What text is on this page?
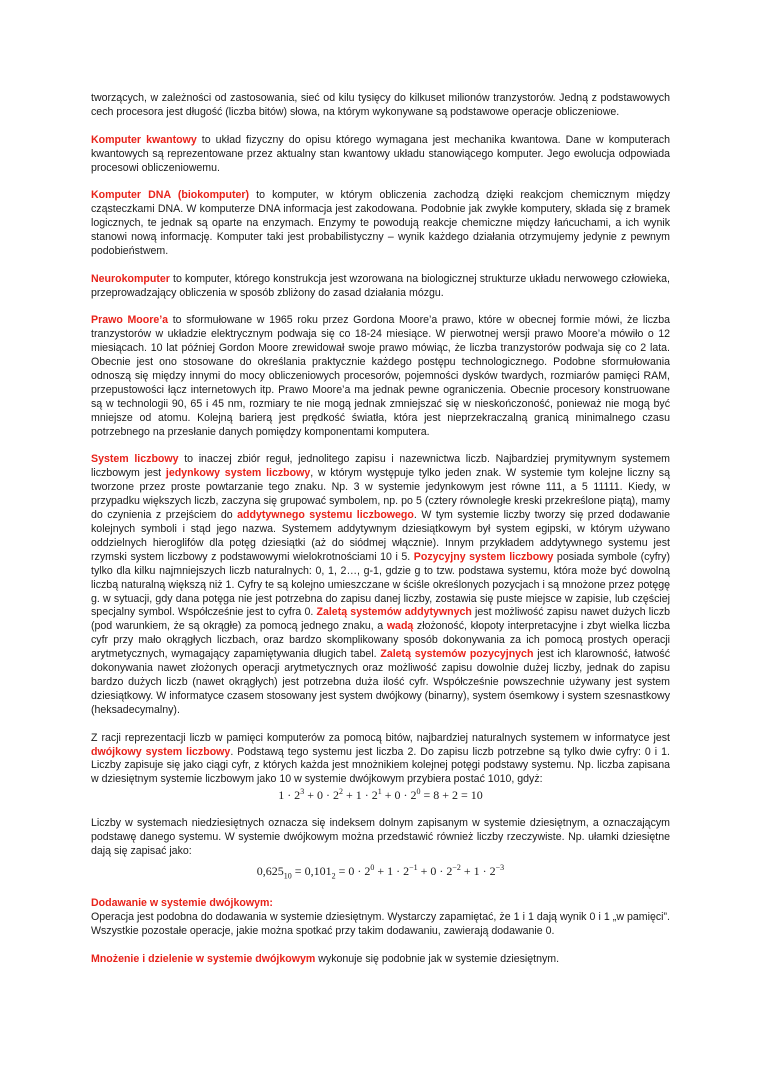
tworzących, w zależności od zastosowania, sieć od kilu tysięcy do kilkuset milionów tranzystorów. Jedną z podstawowych cech procesora jest długość (liczba bitów) słowa, na którym wykonywane są podstawowe operacje obliczeniowe.

Komputer kwantowy to układ fizyczny do opisu którego wymagana jest mechanika kwantowa. Dane w komputerach kwantowych są reprezentowane przez aktualny stan kwantowy układu stanowiącego komputer. Jego ewolucja odpowiada procesowi obliczeniowemu.

Komputer DNA (biokomputer) to komputer, w którym obliczenia zachodzą dzięki reakcjom chemicznym między cząsteczkami DNA. W komputerze DNA informacja jest zakodowana. Podobnie jak zwykłe komputery, składa się z bramek logicznych, te jednak są oparte na enzymach. Enzymy te powodują reakcje chemiczne między łańcuchami, a ich wynik stanowi nową informację. Komputer taki jest probabilistyczny – wynik każdego działania otrzymujemy jedynie z pewnym podobieństwem.

Neurokomputer to komputer, którego konstrukcja jest wzorowana na biologicznej strukturze układu nerwowego człowieka, przeprowadzający obliczenia w sposób zbliżony do zasad działania mózgu.

Prawo Moore’a to sformułowane w 1965 roku przez Gordona Moore’a prawo, które w obecnej formie mówi, że liczba tranzystorów w układzie elektrycznym podwaja się co 18-24 miesiące. W pierwotnej wersji prawo Moore’a mówiło o 12 miesiącach. 10 lat później Gordon Moore zrewidował swoje prawo mówiąc, że liczba tranzystorów podwaja się co 2 lata. Obecnie jest ono stosowane do określania praktycznie każdego postępu technologicznego. Podobne sformułowania odnoszą się między innymi do mocy obliczeniowych procesorów, pojemności dysków twardych, rozmiarów pamięci RAM, przepustowości łącz internetowych itp. Prawo Moore’a ma jednak pewne ograniczenia. Obecnie procesory konstruowane są w technologii 90, 65 i 45 nm, rozmiary te nie mogą jednak zmniejszać się w nieskończoność, ponieważ nie mogą być mniejsze od atomu. Kolejną barierą jest prędkość światła, która jest nieprzekraczalną granicą minimalnego czasu potrzebnego na przesłanie danych pomiędzy komponentami komputera.

System liczbowy to inaczej zbiór reguł, jednolitego zapisu i nazewnictwa liczb. Najbardziej prymitywnym systemem liczbowym jest jedynkowy system liczbowy, w którym występuje tylko jeden znak. W systemie tym kolejne liczny są tworzone przez proste powtarzanie tego znaku. Np. 3 w systemie jedynkowym jest równe 111, a 5 11111. Kiedy, w przypadku większych liczb, zaczyna się grupować symbolem, np. po 5 (cztery równoległe kreski przekreślone piątą), mamy do czynienia z przejściem do addytywnego systemu liczbowego. W tym systemie liczby tworzy się przed dodawanie kolejnych symboli i stąd jego nazwa. Systemem addytywnym dziesiątkowym był system egipski, w którym używano oddzielnych hieroglifów dla potęg dziesiątki (aż do siódmej włącznie). Innym przykładem addytywnego systemu jest rzymski system liczbowy z podstawowymi wielokrotnościami 10 i 5. Pozycyjny system liczbowy posiada symbole (cyfry) tylko dla kilku najmniejszych liczb naturalnych: 0, 1, 2…, g-1, gdzie g to tzw. podstawa systemu, która może być dowolną liczbą naturalną większą niż 1. Cyfry te są kolejno umieszczane w ściśle określonych pozycjach i są mnożone przez potęgę g. w sytuacji, gdy dana potęga nie jest potrzebna do zapisu danej liczby, zostawia się puste miejsce w zapisie, lub częściej specjalny symbol. Współcześnie jest to cyfra 0. Zaletą systemów addytywnych jest możliwość zapisu nawet dużych liczb (pod warunkiem, że są okrągłe) za pomocą jednego znaku, a wadą złożoność, kłopoty interpretacyjne i zbyt wielka liczba cyfr przy mało okrągłych liczbach, oraz bardzo skomplikowany sposób dokonywania za ich pomocą prostych operacji arytmetycznych, wymagający zapamiętywania długich tabel. Zaletą systemów pozycyjnych jest ich klarowność, łatwość dokonywania nawet złożonych operacji arytmetycznych oraz możliwość zapisu dowolnie dużej liczby, jednak do zapisu bardzo dużych liczb (nawet okrągłych) jest potrzebna duża ilość cyfr. Współcześnie powszechnie używany jest system dziesiątkowy. W informatyce czasem stosowany jest system dwójkowy (binarny), system ósemkowy i system szesnastkowy (heksadecymalny).

Z racji reprezentacji liczb w pamięci komputerów za pomocą bitów, najbardziej naturalnych systemem w informatyce jest dwójkowy system liczbowy. Podstawą tego systemu jest liczba 2. Do zapisu liczb potrzebne są tylko dwie cyfry: 0 i 1. Liczby zapisuje się jako ciągi cyfr, z których każda jest mnożnikiem kolejnej potęgi podstawy systemu. Np. liczba zapisana w dziesiętnym systemie liczbowym jako 10 w systemie dwójkowym przybiera postać 1010, gdyż:

$1 \cdot 2^3 + 0 \cdot 2^2 + 1 \cdot 2^1 + 0 \cdot 2^0 = 8 + 2 = 10$

Liczby w systemach niedziesiętnych oznacza się indeksem dolnym zapisanym w systemie dziesiętnym, a oznaczającym podstawę danego systemu. W systemie dwójkowym można przedstawić również liczby rzeczywiste. Np. ułamki dziesiętne dają się zapisać jako:

$0,625_{10} = 0,101_2 = 0 \cdot 2^0 + 1 \cdot 2^{-1} + 0 \cdot 2^{-2} + 1 \cdot 2^{-3}$

Dodawanie w systemie dwójkowym:
Operacja jest podobna do dodawania w systemie dziesiętnym. Wystarczy zapamiętać, że 1 i 1 dają wynik 0 i 1 „w pamięci”. Wszystkie pozostałe operacje, jakie można spotkać przy takim dodawaniu, zawierają dodawanie 0.

Mnożenie i dzielenie w systemie dwójkowym wykonuje się podobnie jak w systemie dziesiętnym.
